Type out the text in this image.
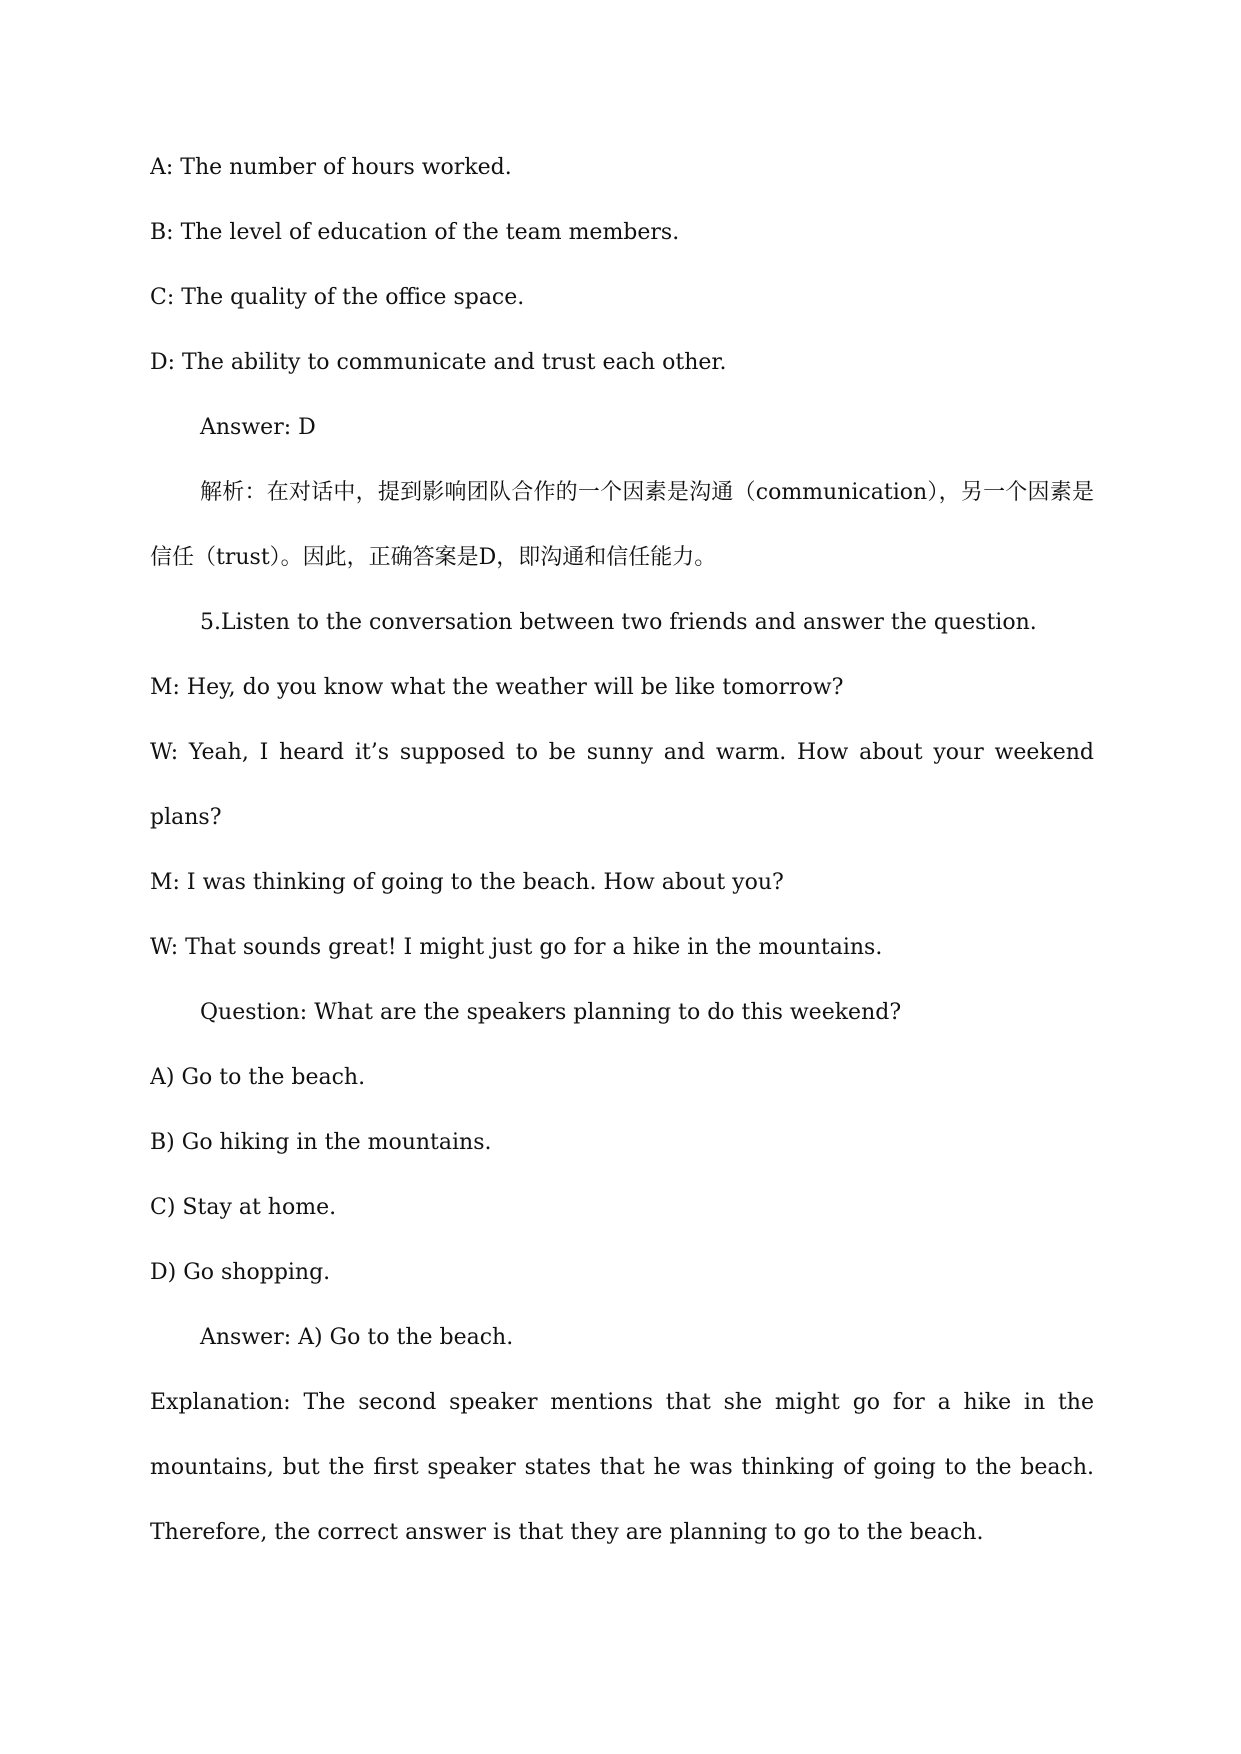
A: The number of hours worked.
B: The level of education of the team members.
C: The quality of the office space.
D: The ability to communicate and trust each other.
Answer: D
解析：在对话中，提到影响团队合作的一个因素是沟通（communication），另一个因素是信任（trust）。因此，正确答案是D，即沟通和信任能力。
5.Listen to the conversation between two friends and answer the question.
M: Hey, do you know what the weather will be like tomorrow?
W: Yeah, I heard it’s supposed to be sunny and warm. How about your weekend plans?
M: I was thinking of going to the beach. How about you?
W: That sounds great! I might just go for a hike in the mountains.
Question: What are the speakers planning to do this weekend?
A) Go to the beach.
B) Go hiking in the mountains.
C) Stay at home.
D) Go shopping.
Answer: A) Go to the beach.
Explanation: The second speaker mentions that she might go for a hike in the mountains, but the first speaker states that he was thinking of going to the beach. Therefore, the correct answer is that they are planning to go to the beach.
